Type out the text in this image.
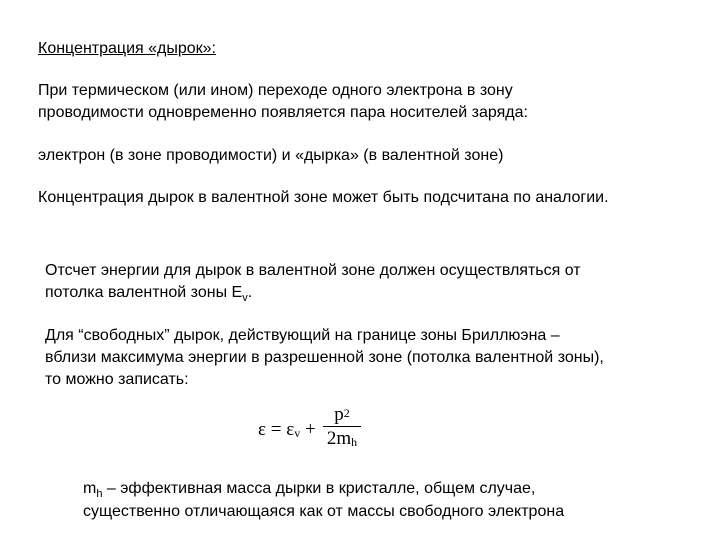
Концентрация «дырок»:
При термическом (или ином) переходе одного электрона в зону
проводимости одновременно появляется пара носителей заряда:
электрон (в зоне проводимости) и «дырка» (в валентной зоне)
Концентрация дырок в валентной зоне может быть подсчитана по аналогии.
Отсчет энергии для дырок в валентной зоне должен осуществляться от
потолка валентной зоны $E_v$.
Для “свободных” дырок, действующий на границе зоны Бриллюэна –
вблизи максимума энергии в разрешенной зоне (потолка валентной зоны),
то можно записать:
$\varepsilon = \varepsilon_v$ +
$p^2$
$2m_h$
$m_h$ – эффективная масса дырки в кристалле, общем случае,
существенно отличающаяся как от массы свободного электрона
